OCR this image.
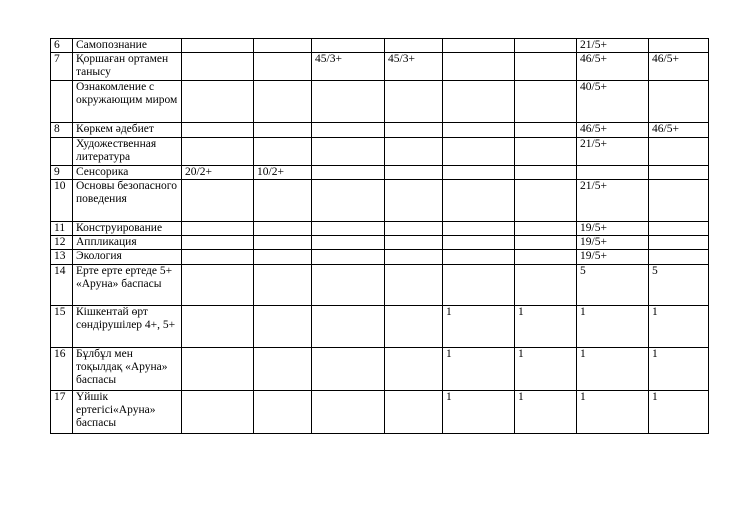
6	Самопознание							21/5+	
7	Қоршаған ортамен танысу			45/3+	45/3+			46/5+	46/5+
	Ознакомление с окружающим миром							40/5+	
8	Көркем әдебиет							46/5+	46/5+
	Художественная литература							21/5+	
9	Сенсорика	20/2+	10/2+						
10	Основы безопасного поведения							21/5+	
11	Конструирование							19/5+	
12	Аппликация							19/5+	
13	Экология							19/5+	
14	Ерте ерте ертеде 5+ «Аруна» баспасы							5	5
15	Кішкентай өрт сөндірушілер 4+, 5+					1	1	1	1
16	Бұлбұл мен тоқылдақ «Аруна» баспасы					1	1	1	1
17	Үйшік ертегісі«Аруна» баспасы					1	1	1	1
